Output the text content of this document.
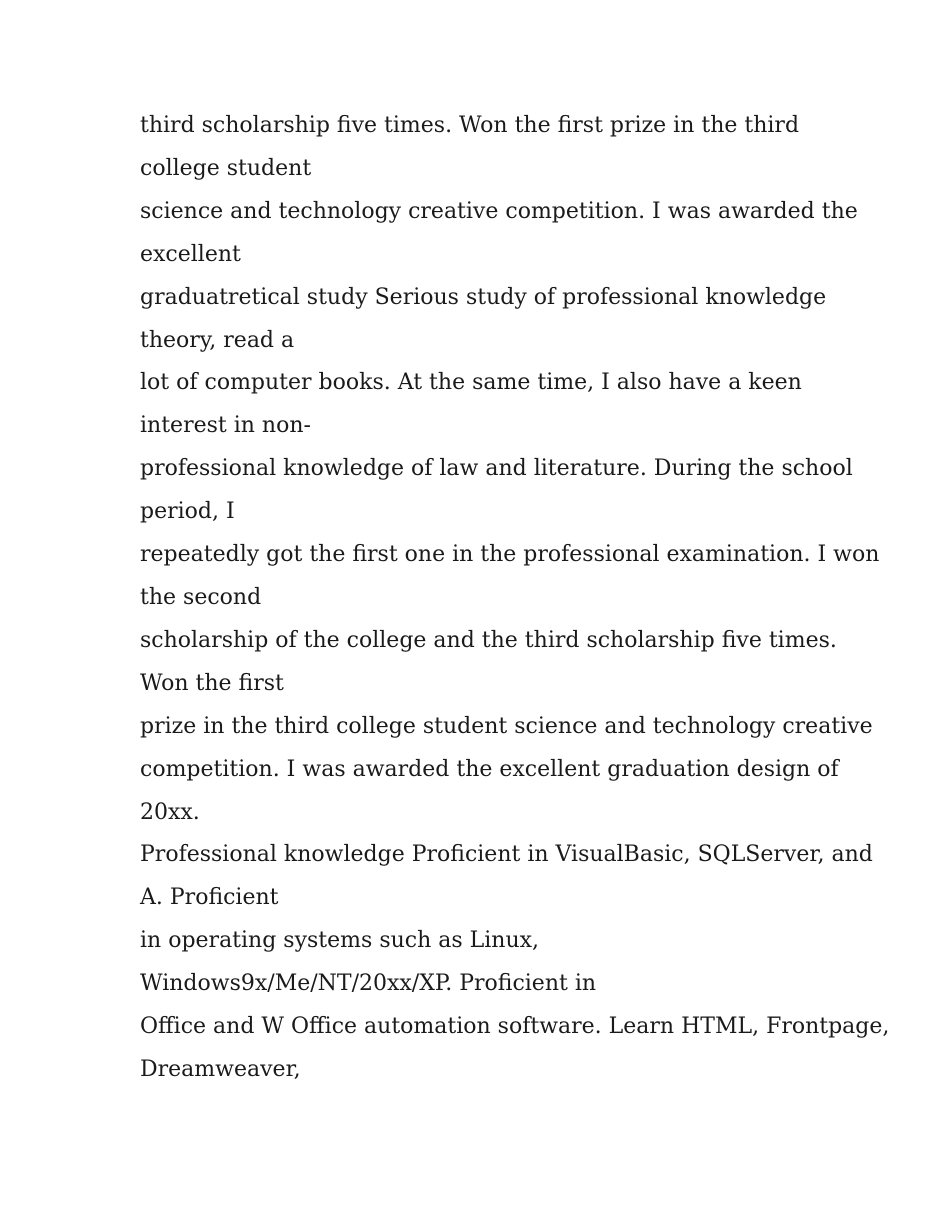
third scholarship five times. Won the first prize in the third
college student
science and technology creative competition. I was awarded the
excellent
graduatretical study Serious study of professional knowledge
theory, read a
lot of computer books. At the same time, I also have a keen
interest in non-
professional knowledge of law and literature. During the school
period, I
repeatedly got the first one in the professional examination. I won
the second
scholarship of the college and the third scholarship five times.
Won the first
prize in the third college student science and technology creative
competition. I was awarded the excellent graduation design of
20xx.
Professional knowledge Proficient in VisualBasic, SQLServer, and
A. Proficient
in operating systems such as Linux,
Windows9x/Me/NT/20xx/XP. Proficient in
Office and W Office automation software. Learn HTML, Frontpage,
Dreamweaver,
